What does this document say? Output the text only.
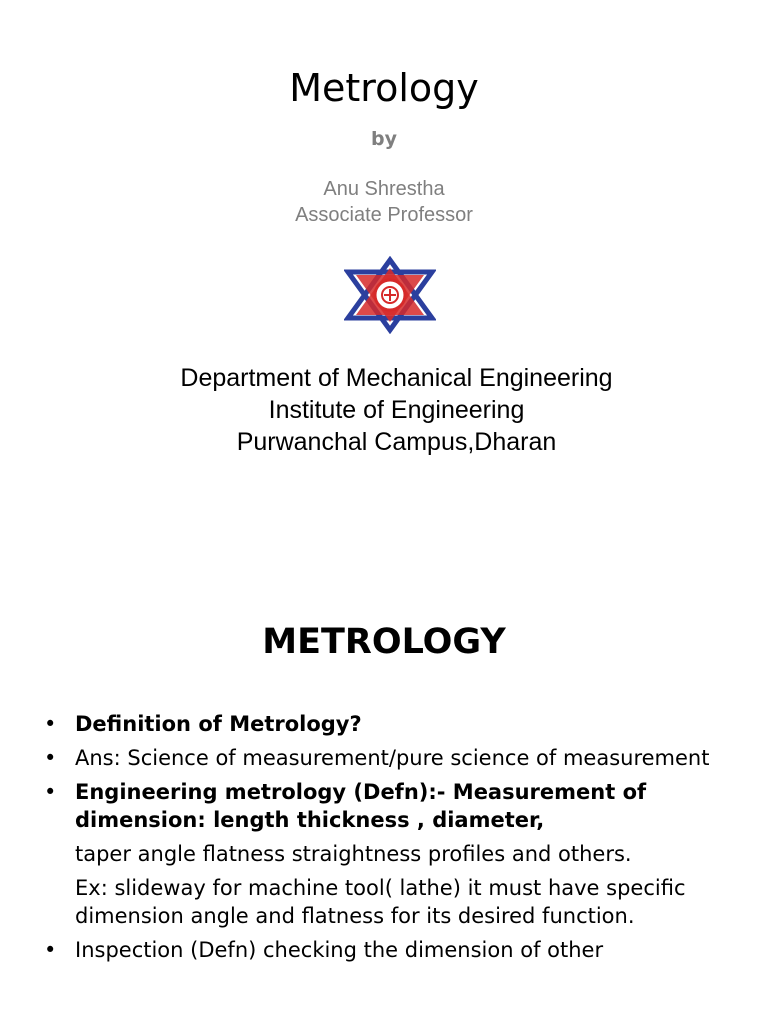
Metrology
by
Anu Shrestha
Associate Professor
Department of Mechanical Engineering
Institute of Engineering
Purwanchal Campus,Dharan
METROLOGY
• Definition of Metrology?
• Ans: Science of measurement/pure science of measurement
• Engineering metrology (Defn):- Measurement of dimension: length thickness , diameter,
taper angle flatness straightness profiles and others.
Ex: slideway for machine tool( lathe) it must have specific dimension angle and flatness for its desired function.
• Inspection (Defn) checking the dimension of other
